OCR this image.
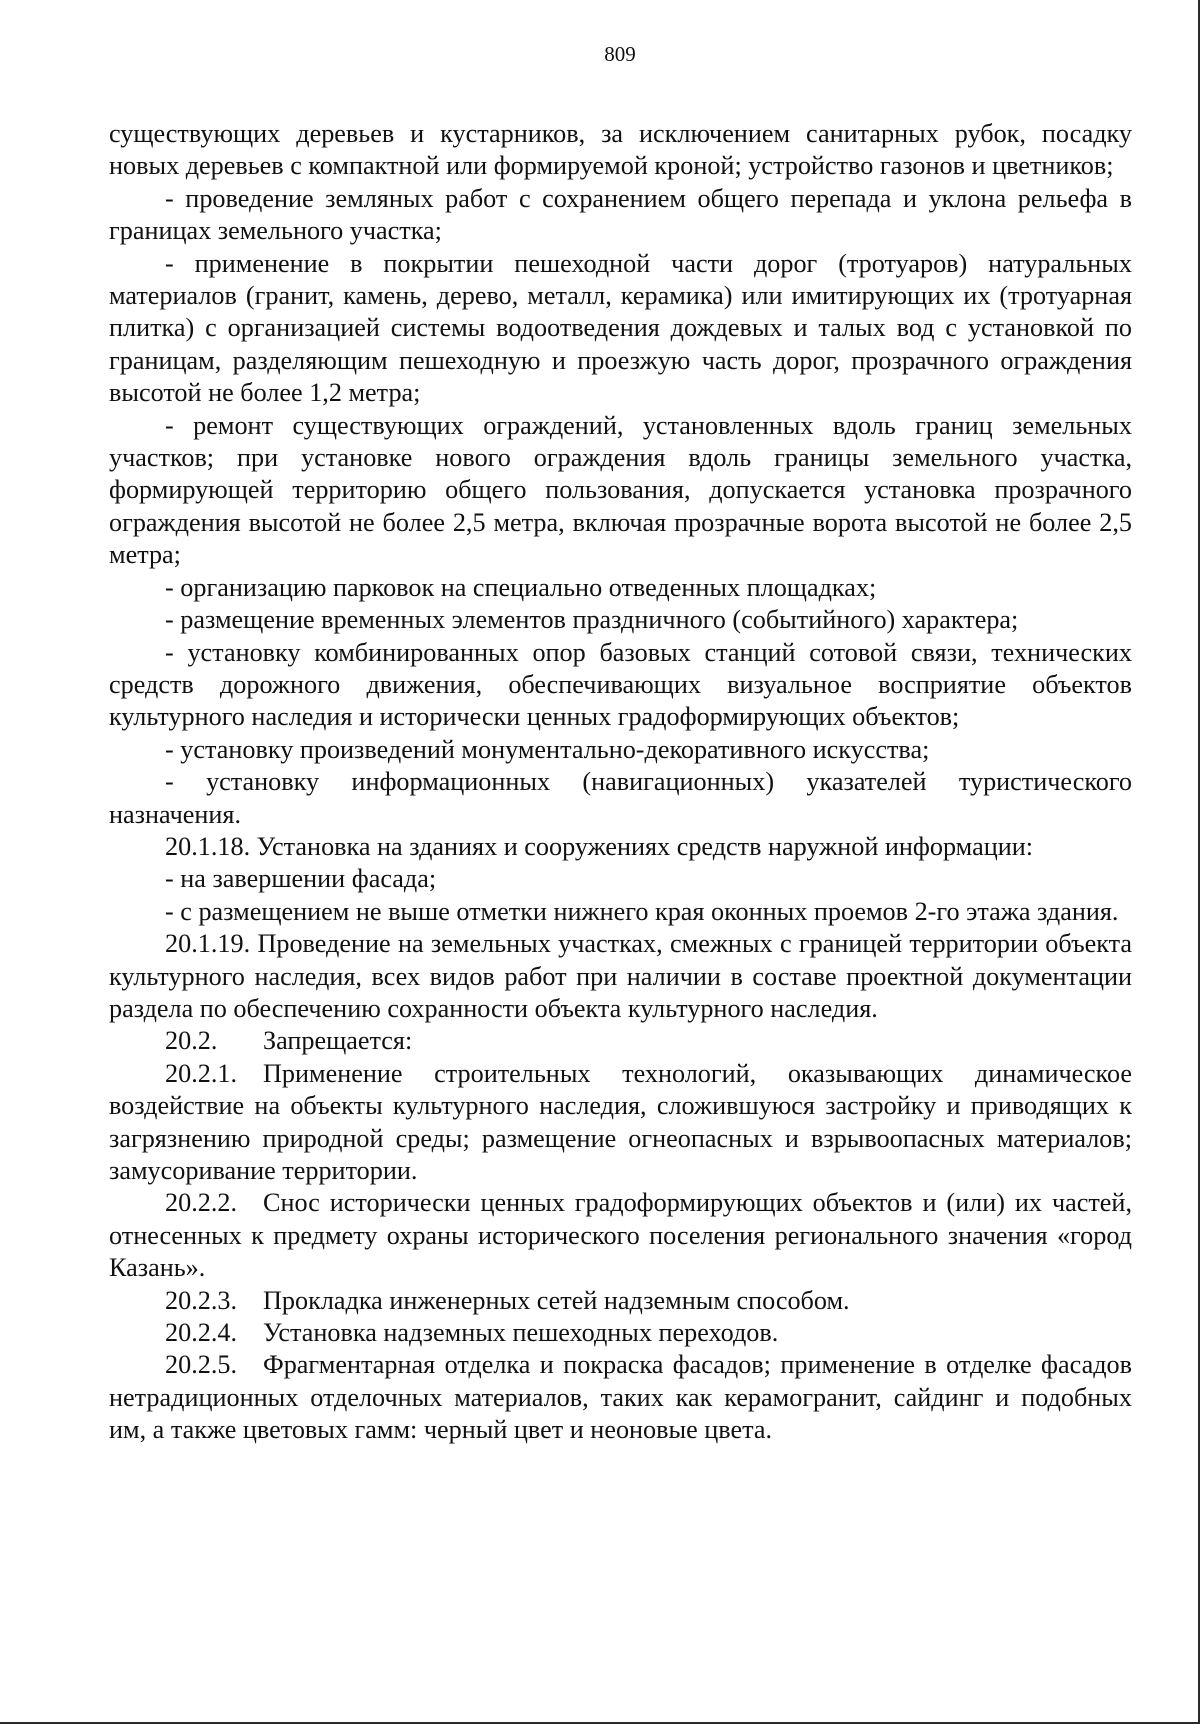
809

существующих деревьев и кустарников, за исключением санитарных рубок, посадку новых деревьев с компактной или формируемой кроной; устройство газонов и цветников;

- проведение земляных работ с сохранением общего перепада и уклона рельефа в границах земельного участка;

- применение в покрытии пешеходной части дорог (тротуаров) натуральных материалов (гранит, камень, дерево, металл, керамика) или имитирующих их (тротуарная плитка) с организацией системы водоотведения дождевых и талых вод с установкой по границам, разделяющим пешеходную и проезжую часть дорог, прозрачного ограждения высотой не более 1,2 метра;

- ремонт существующих ограждений, установленных вдоль границ земельных участков; при установке нового ограждения вдоль границы земельного участка, формирующей территорию общего пользования, допускается установка прозрачного ограждения высотой не более 2,5 метра, включая прозрачные ворота высотой не более 2,5 метра;

- организацию парковок на специально отведенных площадках;

- размещение временных элементов праздничного (событийного) характера;

- установку комбинированных опор базовых станций сотовой связи, технических средств дорожного движения, обеспечивающих визуальное восприятие объектов культурного наследия и исторически ценных градоформирующих объектов;

- установку произведений монументально-декоративного искусства;

- установку информационных (навигационных) указателей туристического назначения.

20.1.18. Установка на зданиях и сооружениях средств наружной информации:

- на завершении фасада;

- с размещением не выше отметки нижнего края оконных проемов 2-го этажа здания.

20.1.19. Проведение на земельных участках, смежных с границей территории объекта культурного наследия, всех видов работ при наличии в составе проектной документации раздела по обеспечению сохранности объекта культурного наследия.

20.2. Запрещается:

20.2.1. Применение строительных технологий, оказывающих динамическое воздействие на объекты культурного наследия, сложившуюся застройку и приводящих к загрязнению природной среды; размещение огнеопасных и взрывоопасных материалов; замусоривание территории.

20.2.2. Снос исторически ценных градоформирующих объектов и (или) их частей, отнесенных к предмету охраны исторического поселения регионального значения «город Казань».

20.2.3. Прокладка инженерных сетей надземным способом.

20.2.4. Установка надземных пешеходных переходов.

20.2.5. Фрагментарная отделка и покраска фасадов; применение в отделке фасадов нетрадиционных отделочных материалов, таких как керамогранит, сайдинг и подобных им, а также цветовых гамм: черный цвет и неоновые цвета.
